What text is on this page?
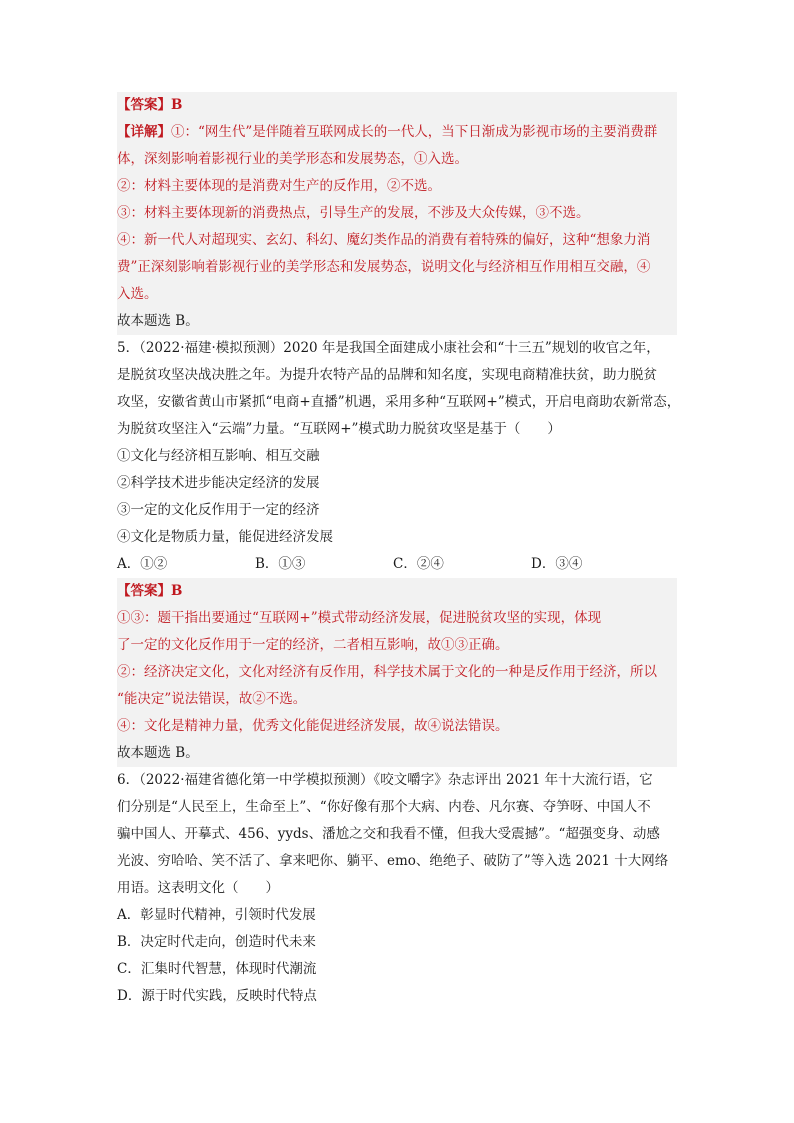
【答案】B
【详解】①：“网生代”是伴随着互联网成长的一代人，当下日渐成为影视市场的主要消费群
体，深刻影响着影视行业的美学形态和发展势态，①入选。
②：材料主要体现的是消费对生产的反作用，②不选。
③：材料主要体现新的消费热点，引导生产的发展，不涉及大众传媒，③不选。
④：新一代人对超现实、玄幻、科幻、魔幻类作品的消费有着特殊的偏好，这种“想象力消
费”正深刻影响着影视行业的美学形态和发展势态，说明文化与经济相互作用相互交融，④
入选。
故本题选 B。
5．（2022·福建·模拟预测）2020 年是我国全面建成小康社会和“十三五”规划的收官之年，
是脱贫攻坚决战决胜之年。为提升农特产品的品牌和知名度，实现电商精准扶贫，助力脱贫
攻坚，安徽省黄山市紧抓“电商+直播”机遇，采用多种“互联网+”模式，开启电商助农新常态，
为脱贫攻坚注入“云端”力量。“互联网+”模式助力脱贫攻坚是基于（　　）
①文化与经济相互影响、相互交融
②科学技术进步能决定经济的发展
③一定的文化反作用于一定的经济
④文化是物质力量，能促进经济发展
A．①②	B．①③	C．②④	D．③④
【答案】B
①③：题干指出要通过“互联网+”模式带动经济发展，促进脱贫攻坚的实现，体现
了一定的文化反作用于一定的经济，二者相互影响，故①③正确。
②：经济决定文化，文化对经济有反作用，科学技术属于文化的一种是反作用于经济，所以
“能决定”说法错误，故②不选。
④：文化是精神力量，优秀文化能促进经济发展，故④说法错误。
故本题选 B。
6．（2022·福建省德化第一中学模拟预测）《咬文嚼字》杂志评出 2021 年十大流行语，它
们分别是“人民至上，生命至上”、“你好像有那个大病、内卷、凡尔赛、夺笋呀、中国人不
骗中国人、开摹式、456、yyds、潘尬之交和我看不懂，但我大受震撼”。“超强变身、动感
光波、穷哈哈、笑不活了、拿来吧你、躺平、emo、绝绝子、破防了”等入选 2021 十大网络
用语。这表明文化（　　）
A．彰显时代精神，引领时代发展
B．决定时代走向，创造时代未来
C．汇集时代智慧，体现时代潮流
D．源于时代实践，反映时代特点
